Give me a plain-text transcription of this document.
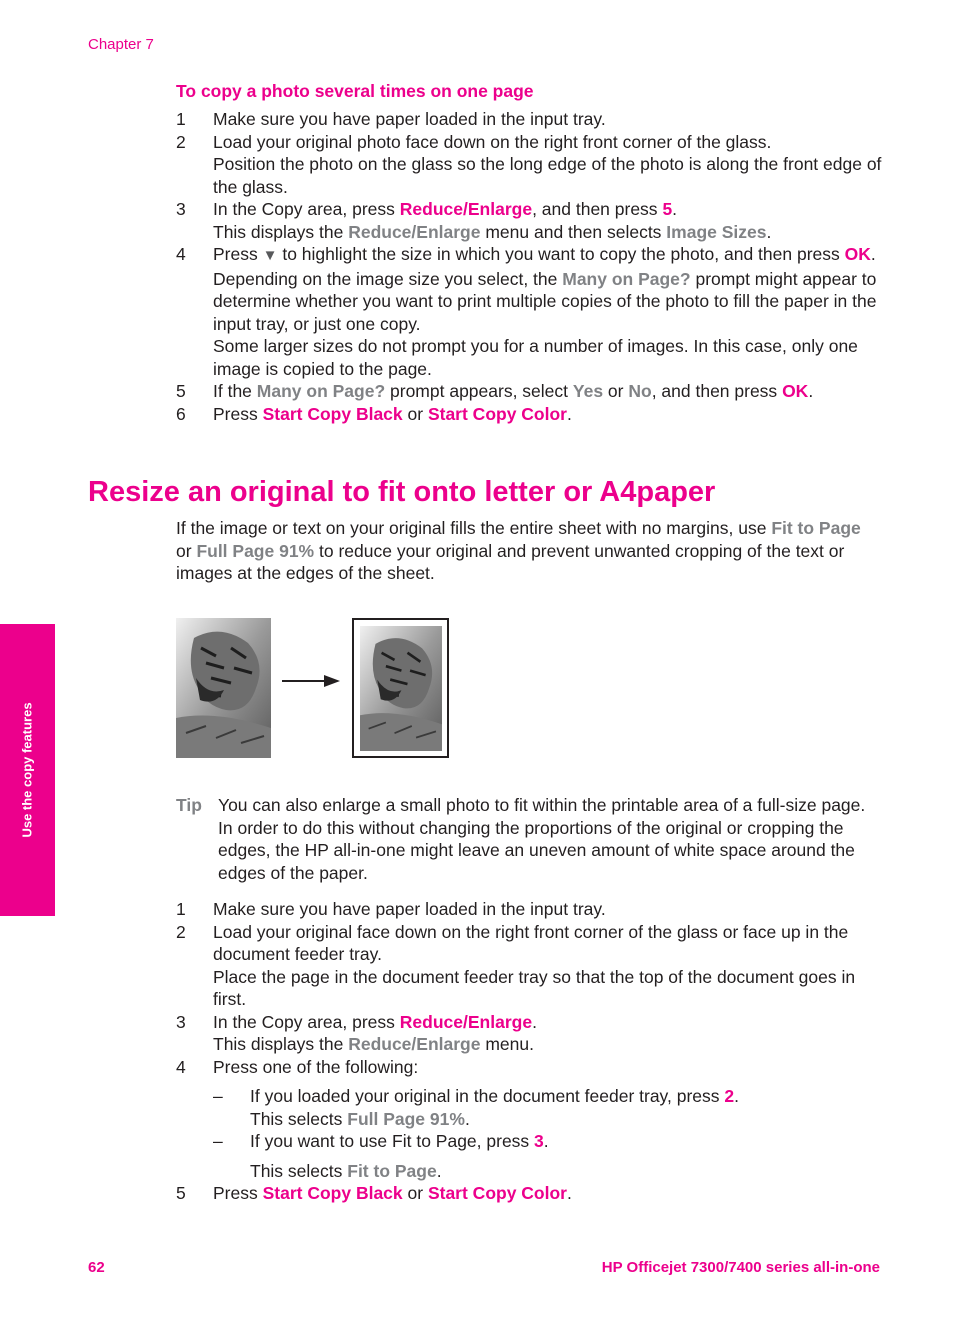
Chapter 7
To copy a photo several times on one page
1	Make sure you have paper loaded in the input tray.
2	Load your original photo face down on the right front corner of the glass.
Position the photo on the glass so the long edge of the photo is along the front edge of the glass.
3	In the Copy area, press Reduce/Enlarge, and then press 5.
This displays the Reduce/Enlarge menu and then selects Image Sizes.
4	Press ▼ to highlight the size in which you want to copy the photo, and then press OK.
Depending on the image size you select, the Many on Page? prompt might appear to determine whether you want to print multiple copies of the photo to fill the paper in the input tray, or just one copy.
Some larger sizes do not prompt you for a number of images. In this case, only one image is copied to the page.
5	If the Many on Page? prompt appears, select Yes or No, and then press OK.
6	Press Start Copy Black or Start Copy Color.
Resize an original to fit onto letter or A4paper
If the image or text on your original fills the entire sheet with no margins, use Fit to Page or Full Page 91% to reduce your original and prevent unwanted cropping of the text or images at the edges of the sheet.
Tip You can also enlarge a small photo to fit within the printable area of a full-size page. In order to do this without changing the proportions of the original or cropping the edges, the HP all-in-one might leave an uneven amount of white space around the edges of the paper.
1	Make sure you have paper loaded in the input tray.
2	Load your original face down on the right front corner of the glass or face up in the document feeder tray.
Place the page in the document feeder tray so that the top of the document goes in first.
3	In the Copy area, press Reduce/Enlarge.
This displays the Reduce/Enlarge menu.
4	Press one of the following:
–	If you loaded your original in the document feeder tray, press 2.
This selects Full Page 91%.
–	If you want to use Fit to Page, press 3.
This selects Fit to Page.
5	Press Start Copy Black or Start Copy Color.
Use the copy features
62	HP Officejet 7300/7400 series all-in-one
